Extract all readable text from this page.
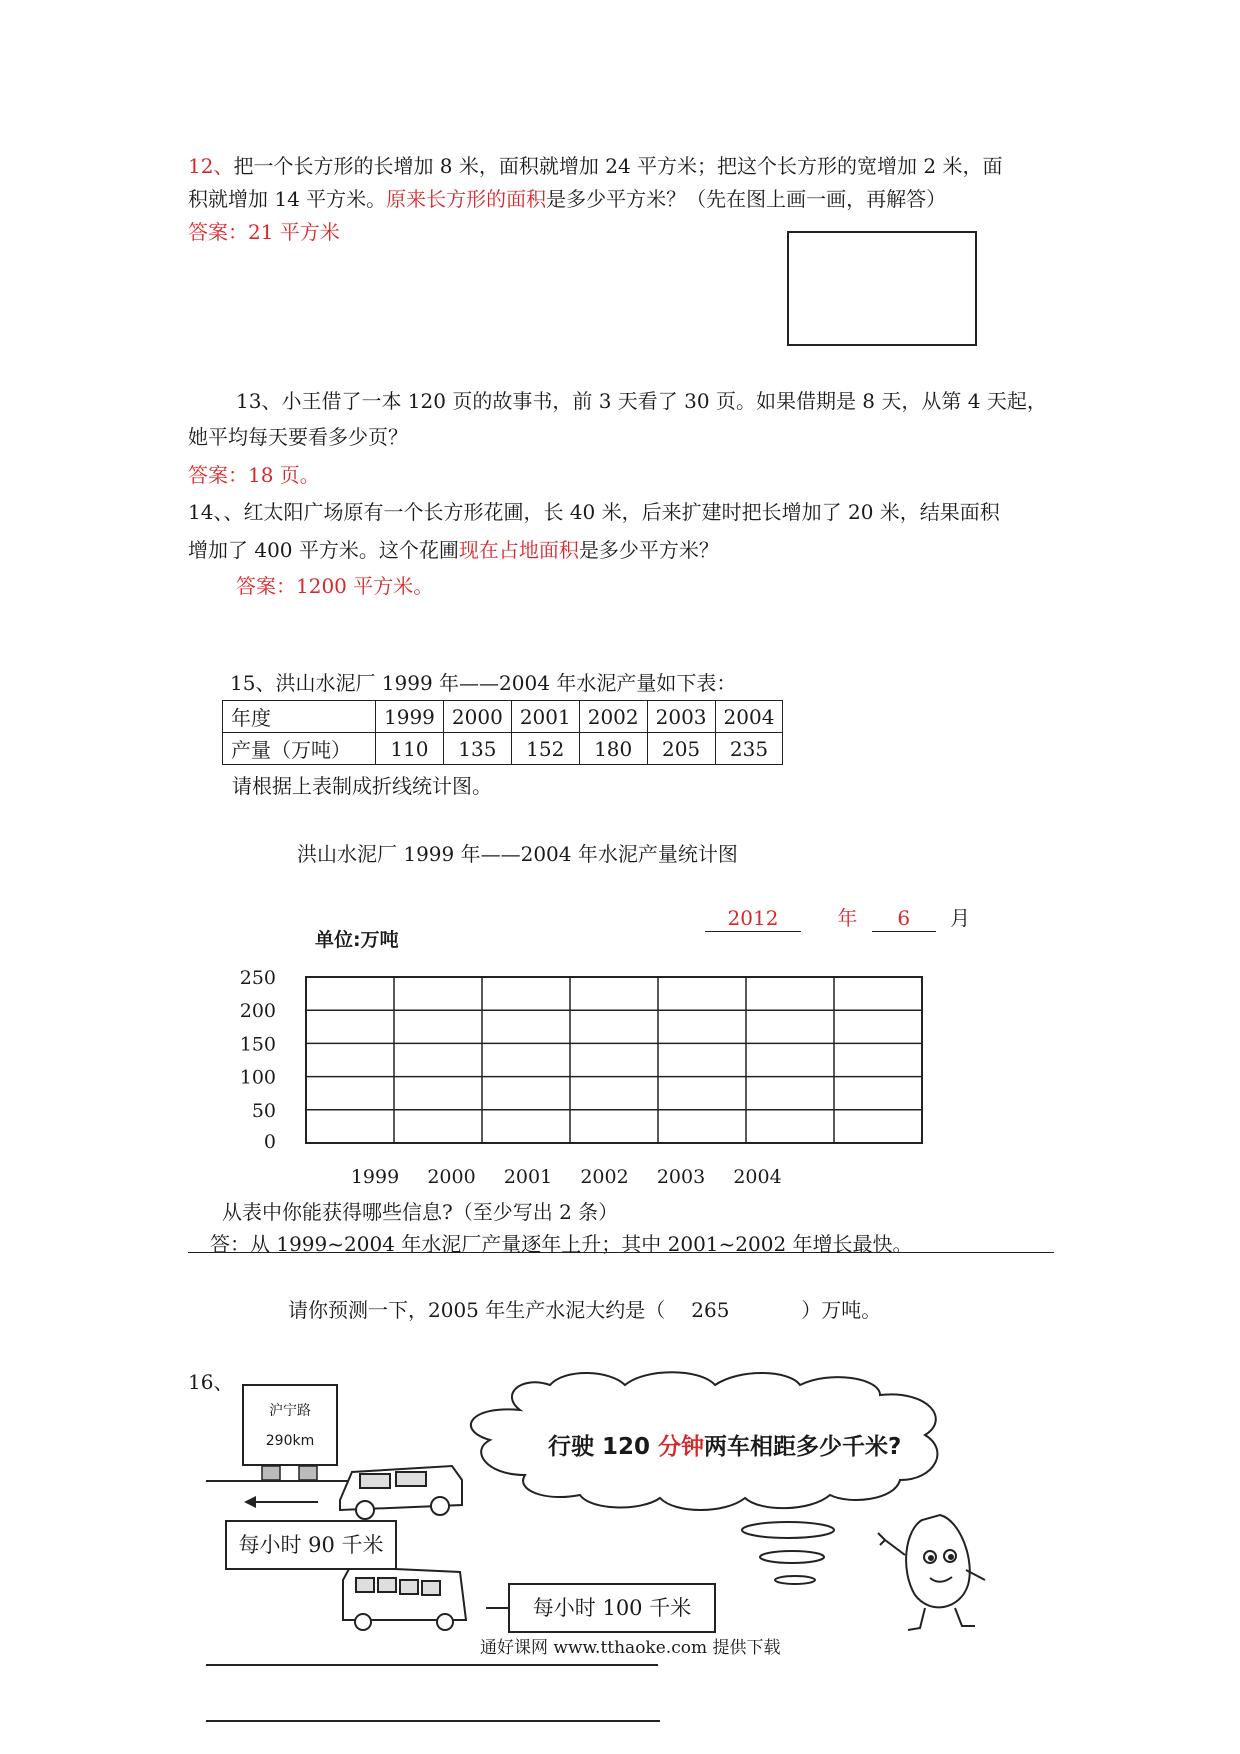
12、把一个长方形的长增加 8 米，面积就增加 24 平方米；把这个长方形的宽增加 2 米，面
积就增加 14 平方米。原来长方形的面积是多少平方米？（先在图上画一画，再解答）
答案：21 平方米
13、小王借了一本 120 页的故事书，前 3 天看了 30 页。如果借期是 8 天，从第 4 天起，
她平均每天要看多少页？
答案：18 页。
14、、红太阳广场原有一个长方形花圃，长 40 米，后来扩建时把长增加了 20 米，结果面积
增加了 400 平方米。这个花圃现在占地面积是多少平方米？
答案：1200 平方米。
15、洪山水泥厂 1999 年——2004 年水泥产量如下表：
年度	1999	2000	2001	2002	2003	2004
产量（万吨）	110	135	152	180	205	235
请根据上表制成折线统计图。
洪山水泥厂 1999 年——2004 年水泥产量统计图
2012	年 6 月
单位:万吨
250
200
150
100
50
0
1999 2000 2001 2002 2003 2004
从表中你能获得哪些信息?（至少写出 2 条）
答：从 1999~2004 年水泥厂产量逐年上升；其中 2001~2002 年增长最快。
请你预测一下，2005 年生产水泥大约是（ 265	）万吨。
16、
沪宁路
290km
每小时 90 千米
每小时 100 千米
行驶 120 分钟两车相距多少千米?
通好课网 www.tthaoke.com 提供下载
